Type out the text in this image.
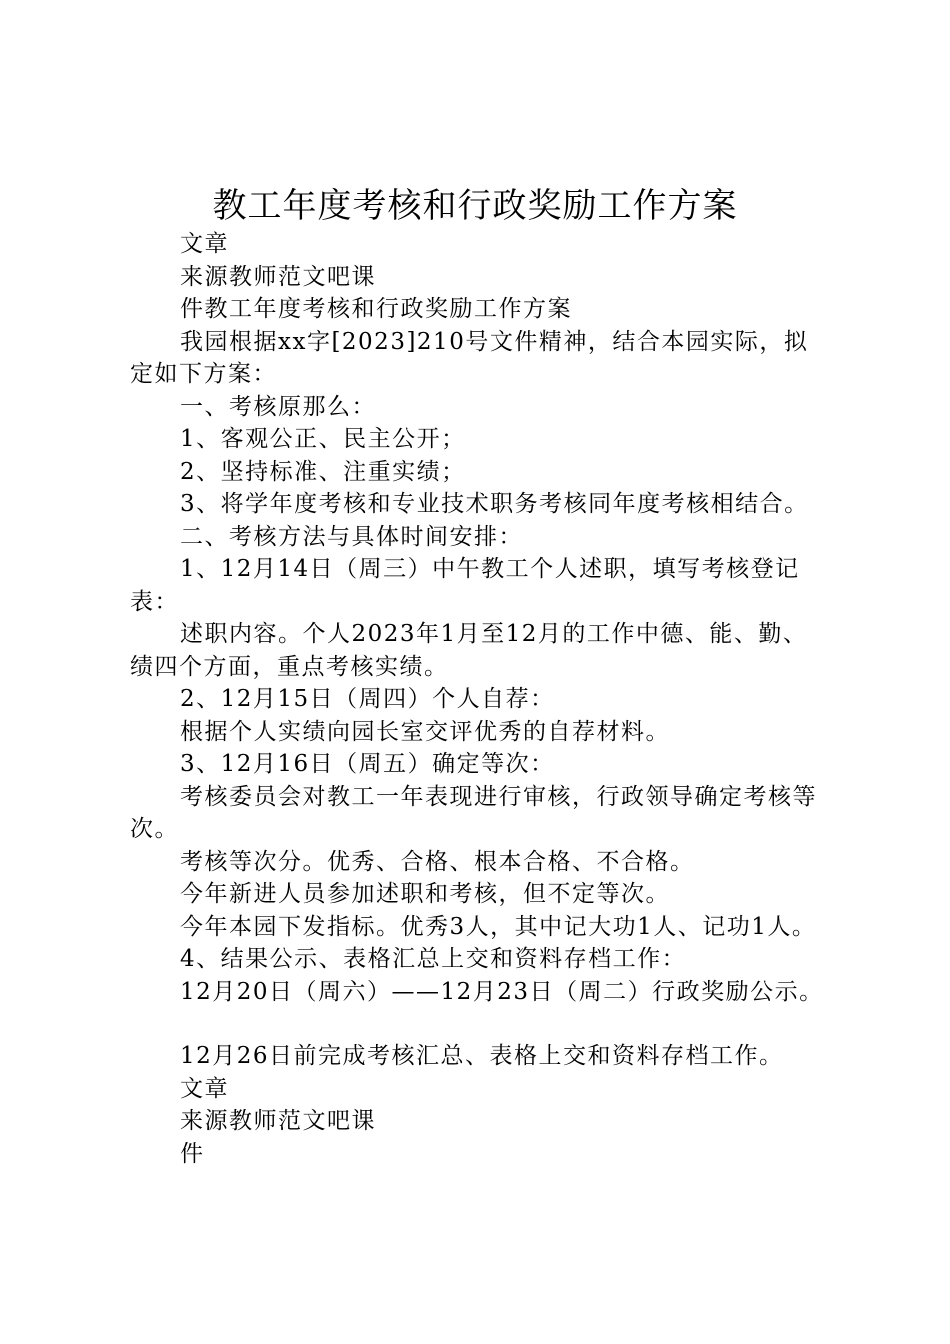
教工年度考核和行政奖励工作方案

文章

来源教师范文吧课

件教工年度考核和行政奖励工作方案

我园根据xx字[2023]210号文件精神，结合本园实际，拟定如下方案：

一、考核原那么：

1、客观公正、民主公开；

2、坚持标准、注重实绩；

3、将学年度考核和专业技术职务考核同年度考核相结合。

二、考核方法与具体时间安排：

1、12月14日（周三）中午教工个人述职，填写考核登记表：

述职内容。个人2023年1月至12月的工作中德、能、勤、绩四个方面，重点考核实绩。

2、12月15日（周四）个人自荐：

根据个人实绩向园长室交评优秀的自荐材料。

3、12月16日（周五）确定等次：

考核委员会对教工一年表现进行审核，行政领导确定考核等次。

考核等次分。优秀、合格、根本合格、不合格。

今年新进人员参加述职和考核，但不定等次。

今年本园下发指标。优秀3人，其中记大功1人、记功1人。

4、结果公示、表格汇总上交和资料存档工作：

12月20日（周六）——12月23日（周二）行政奖励公示。

12月26日前完成考核汇总、表格上交和资料存档工作。

文章

来源教师范文吧课

件
